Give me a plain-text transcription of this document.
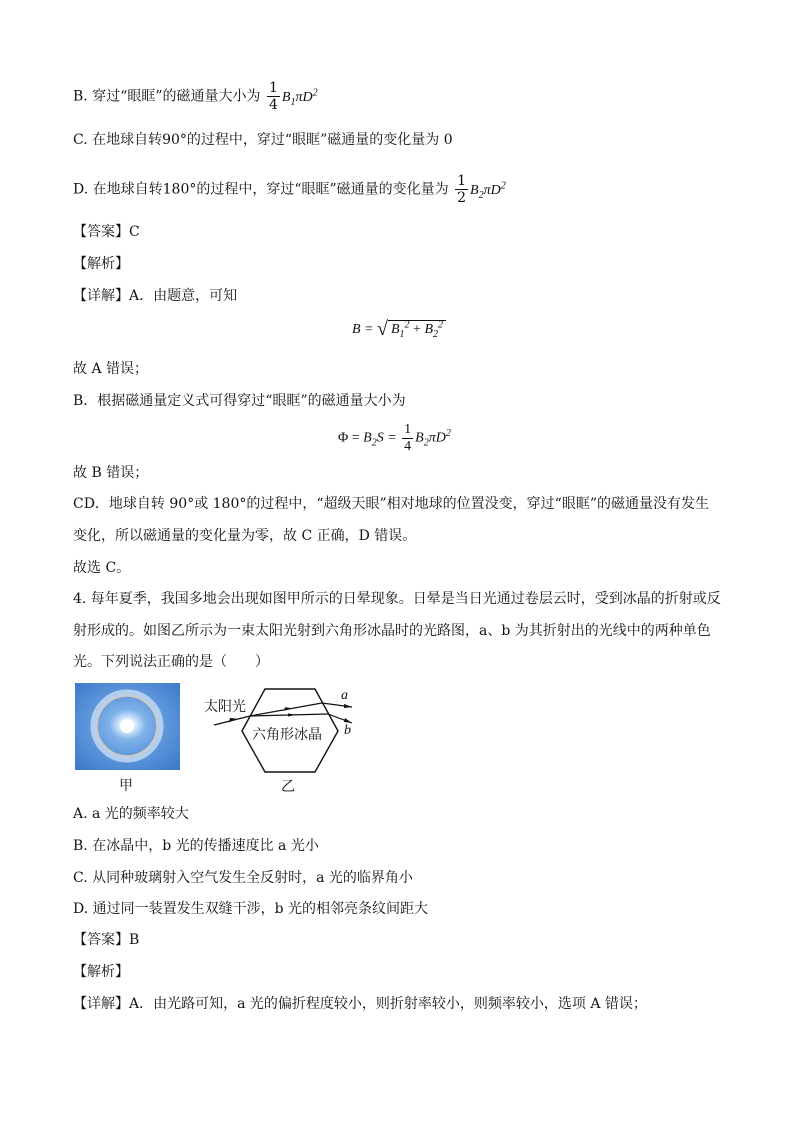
B. 穿过“眼眶”的磁通量大小为 $\frac{1}{4} B_1\pi D^2$
C. 在地球自转90°的过程中，穿过“眼眶”磁通量的变化量为 0
D. 在地球自转180°的过程中，穿过“眼眶”磁通量的变化量为 $\frac{1}{2} B_2\pi D^2$
【答案】C
【解析】
【详解】A．由题意，可知
B = √ $B_1^2 + B_2^2$
故 A 错误；
B．根据磁通量定义式可得穿过“眼眶”的磁通量大小为
$\Phi = B_2S = \frac{1}{4} B_2\pi D^2$
故 B 错误；
CD．地球自转 90°或 180°的过程中，“超级天眼”相对地球的位置没变，穿过“眼眶”的磁通量没有发生
变化，所以磁通量的变化量为零，故 C 正确，D 错误。
故选 C。
4. 每年夏季，我国多地会出现如图甲所示的日晕现象。日晕是当日光通过卷层云时，受到冰晶的折射或反
射形成的。如图乙所示为一束太阳光射到六角形冰晶时的光路图，a、b 为其折射出的光线中的两种单色
光。下列说法正确的是（　　）
甲
太阳光
六角形冰晶
a
b
乙
A. a 光的频率较大
B. 在冰晶中，b 光的传播速度比 a 光小
C. 从同种玻璃射入空气发生全反射时，a 光的临界角小
D. 通过同一装置发生双缝干涉，b 光的相邻亮条纹间距大
【答案】B
【解析】
【详解】A．由光路可知，a 光的偏折程度较小，则折射率较小，则频率较小，选项 A 错误；
